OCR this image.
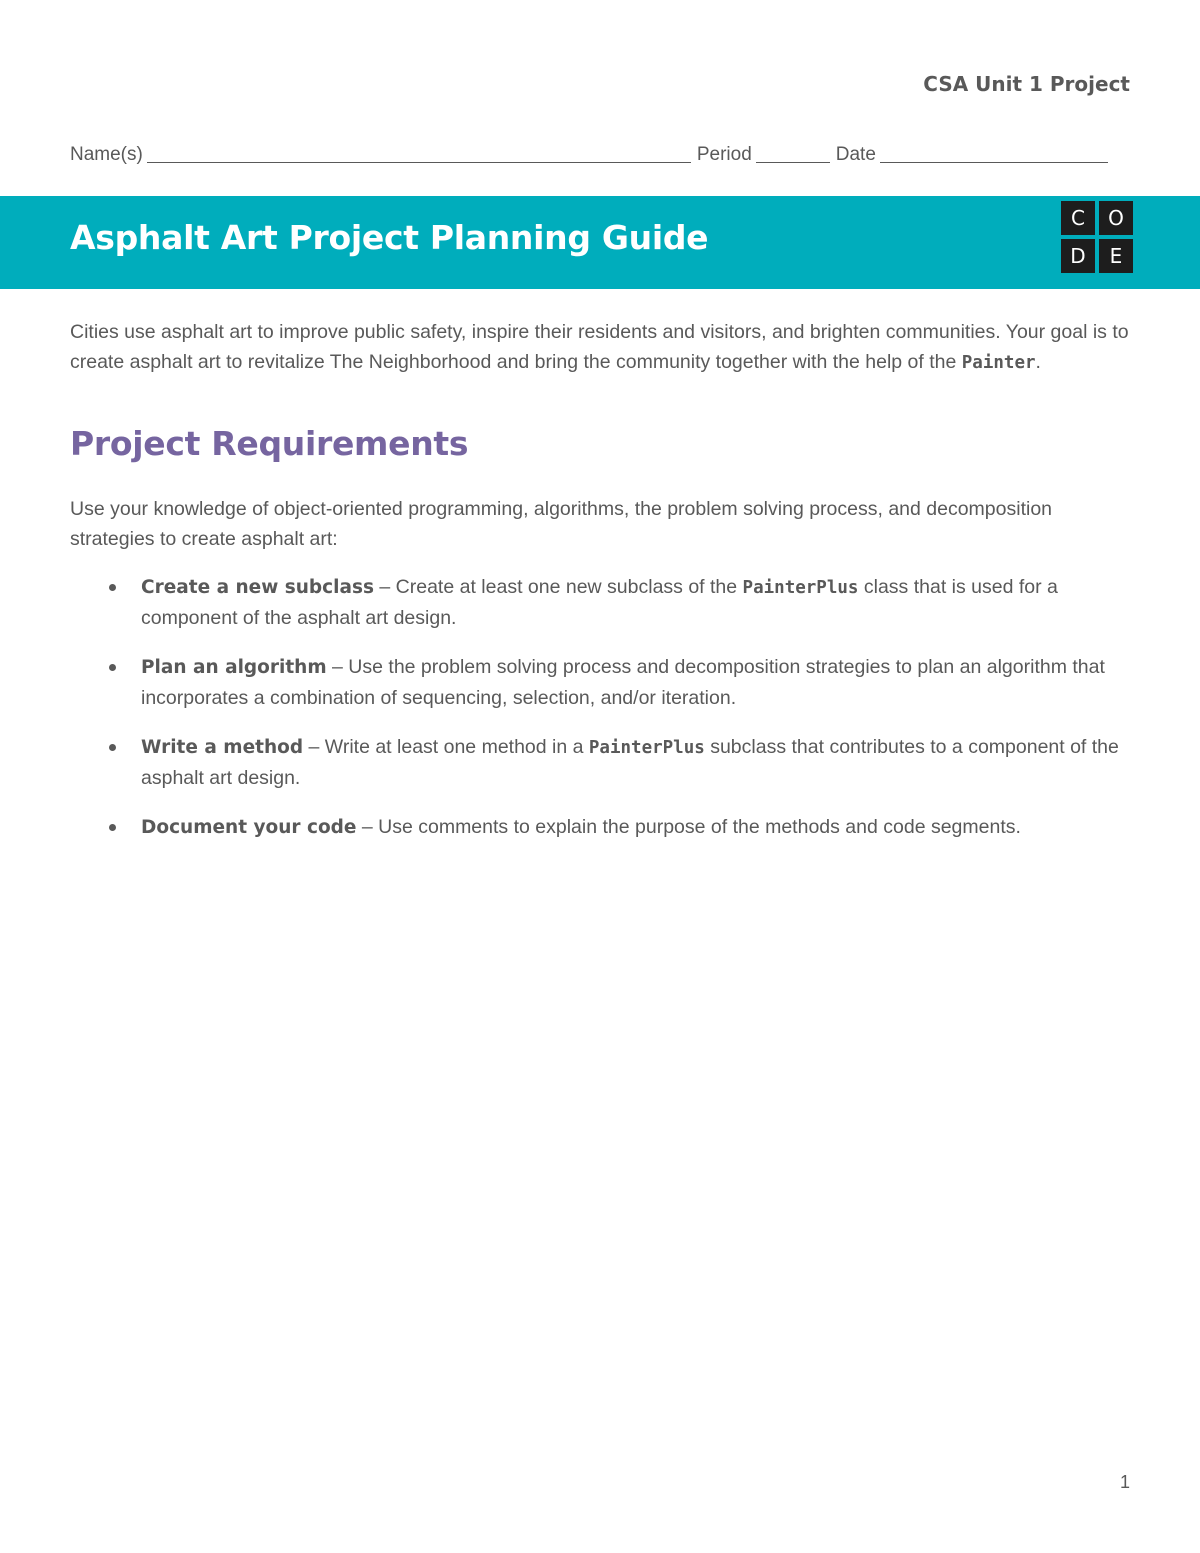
CSA Unit 1 Project
Name(s)	Period	Date
Asphalt Art Project Planning Guide	C	O
D	E

Cities use asphalt art to improve public safety, inspire their residents and visitors, and brighten communities. Your goal is to create asphalt art to revitalize The Neighborhood and bring the community together with the help of the Painter.

Project Requirements

Use your knowledge of object-oriented programming, algorithms, the problem solving process, and decomposition strategies to create asphalt art:

Create a new subclass – Create at least one new subclass of the PainterPlus class that is used for a component of the asphalt art design.
Plan an algorithm – Use the problem solving process and decomposition strategies to plan an algorithm that incorporates a combination of sequencing, selection, and/or iteration.
Write a method – Write at least one method in a PainterPlus subclass that contributes to a component of the asphalt art design.
Document your code – Use comments to explain the purpose of the methods and code segments.
1
